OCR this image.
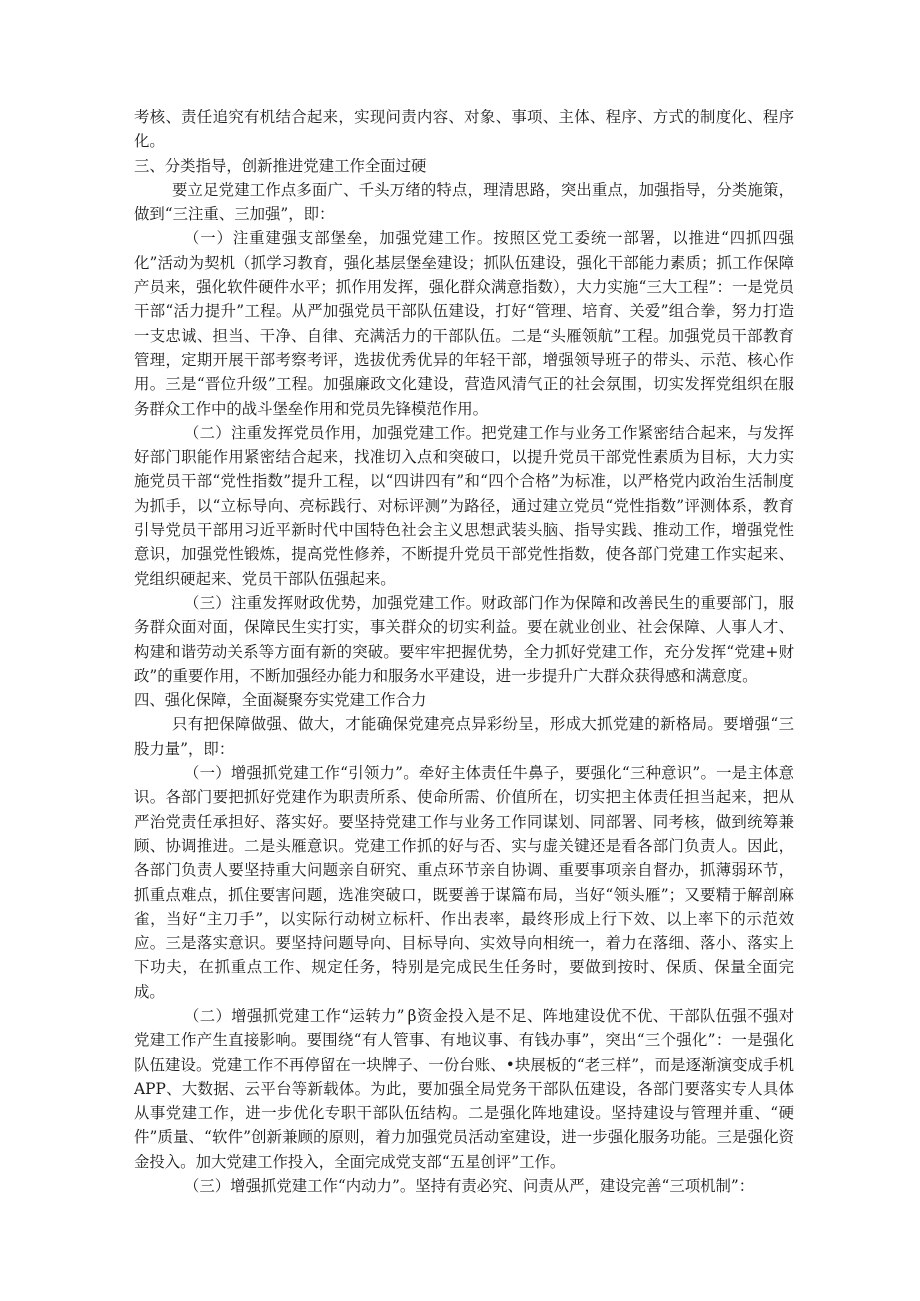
考核、责任追究有机结合起来，实现问责内容、对象、事项、主体、程序、方式的制度化、程序化。

三、分类指导，创新推进党建工作全面过硬

要立足党建工作点多面广、千头万绪的特点，理清思路，突出重点，加强指导，分类施策，做到“三注重、三加强”，即：

（一）注重建强支部堡垒，加强党建工作。按照区党工委统一部署，以推进“四抓四强化”活动为契机（抓学习教育，强化基层堡垒建设；抓队伍建设，强化干部能力素质；抓工作保障产员来，强化软件硬件水平；抓作用发挥，强化群众满意指数），大力实施“三大工程”：一是党员干部“活力提升”工程。从严加强党员干部队伍建设，打好“管理、培育、关爱”组合拳，努力打造一支忠诚、担当、干净、自律、充满活力的干部队伍。二是“头雁领航”工程。加强党员干部教育管理，定期开展干部考察考评，选拔优秀优异的年轻干部，增强领导班子的带头、示范、核心作用。三是“晋位升级”工程。加强廉政文化建设，营造风清气正的社会氛围，切实发挥党组织在服务群众工作中的战斗堡垒作用和党员先锋模范作用。

（二）注重发挥党员作用，加强党建工作。把党建工作与业务工作紧密结合起来，与发挥好部门职能作用紧密结合起来，找准切入点和突破口，以提升党员干部党性素质为目标，大力实施党员干部“党性指数”提升工程，以“四讲四有”和“四个合格”为标准，以严格党内政治生活制度为抓手，以“立标导向、亮标践行、对标评测”为路径，通过建立党员“党性指数”评测体系，教育引导党员干部用习近平新时代中国特色社会主义思想武装头脑、指导实践、推动工作，增强党性意识，加强党性锻炼，提高党性修养，不断提升党员干部党性指数，使各部门党建工作实起来、党组织硬起来、党员干部队伍强起来。

（三）注重发挥财政优势，加强党建工作。财政部门作为保障和改善民生的重要部门，服务群众面对面，保障民生实打实，事关群众的切实利益。要在就业创业、社会保障、人事人才、构建和谐劳动关系等方面有新的突破。要牢牢把握优势，全力抓好党建工作，充分发挥“党建+财政”的重要作用，不断加强经办能力和服务水平建设，进一步提升广大群众获得感和满意度。

四、强化保障，全面凝聚夯实党建工作合力

只有把保障做强、做大，才能确保党建亮点异彩纷呈，形成大抓党建的新格局。要增强“三股力量”，即：

（一）增强抓党建工作“引领力”。牵好主体责任牛鼻子，要强化“三种意识”。一是主体意识。各部门要把抓好党建作为职责所系、使命所需、价值所在，切实把主体责任担当起来，把从严治党责任承担好、落实好。要坚持党建工作与业务工作同谋划、同部署、同考核，做到统筹兼顾、协调推进。二是头雁意识。党建工作抓的好与否、实与虚关键还是看各部门负责人。因此，各部门负责人要坚持重大问题亲自研究、重点环节亲自协调、重要事项亲自督办，抓薄弱环节，抓重点难点，抓住要害问题，选准突破口，既要善于谋篇布局，当好“领头雁”；又要精于解剖麻雀，当好“主刀手”，以实际行动树立标杆、作出表率，最终形成上行下效、以上率下的示范效应。三是落实意识。要坚持问题导向、目标导向、实效导向相统一，着力在落细、落小、落实上下功夫，在抓重点工作、规定任务，特别是完成民生任务时，要做到按时、保质、保量全面完成。

（二）增强抓党建工作“运转力” β资金投入是不足、阵地建设优不优、干部队伍强不强对党建工作产生直接影响。要围绕“有人管事、有地议事、有钱办事”，突出“三个强化”：一是强化队伍建设。党建工作不再停留在一块牌子、一份台账、•块展板的“老三样”，而是逐渐演变成手机APP、大数据、云平台等新载体。为此，要加强全局党务干部队伍建设，各部门要落实专人具体从事党建工作，进一步优化专职干部队伍结构。二是强化阵地建设。坚持建设与管理并重、“硬件”质量、“软件”创新兼顾的原则，着力加强党员活动室建设，进一步强化服务功能。三是强化资金投入。加大党建工作投入，全面完成党支部“五星创评”工作。

（三）增强抓党建工作“内动力”。坚持有责必究、问责从严，建设完善“三项机制”：
